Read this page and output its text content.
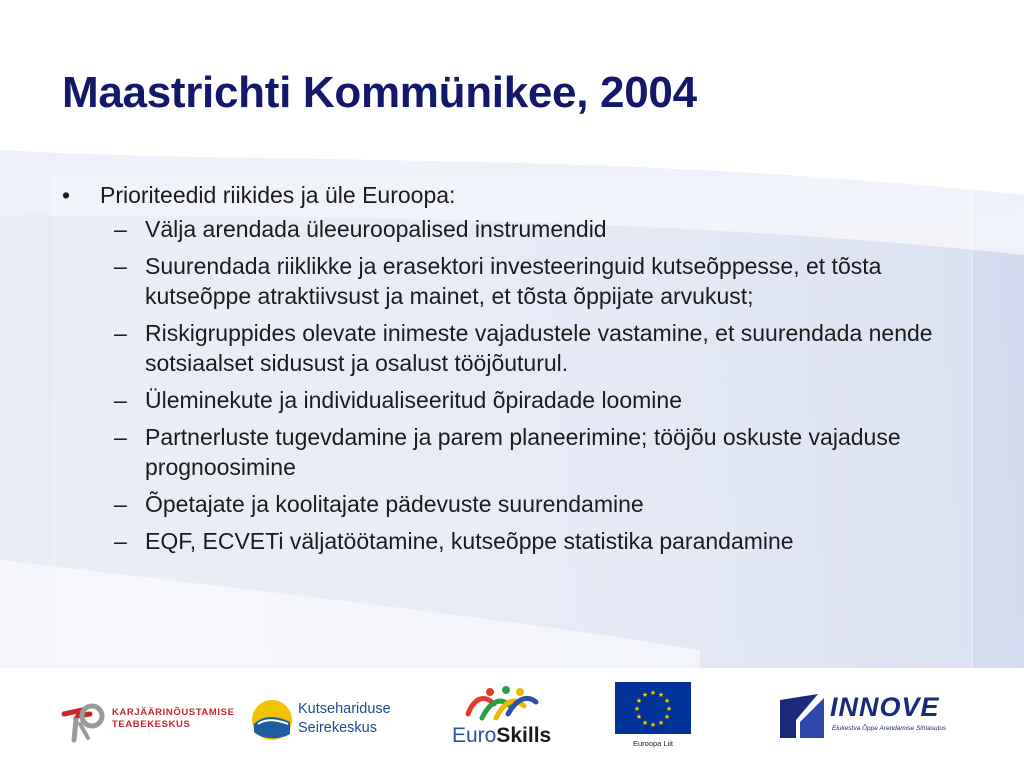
Maastrichti Kommünikee, 2004
• Prioriteedid riikides ja üle Euroopa:
– Välja arendada üleeuroopalised instrumendid
– Suurendada riiklikke ja erasektori investeeringuid kutseõppesse, et tõsta kutseõppe atraktiivsust ja mainet, et tõsta õppijate arvukust;
– Riskigruppides olevate inimeste vajadustele vastamine, et suurendada nende sotsiaalset sidusust ja osalust tööjõuturul.
– Üleminekute ja individualiseeritud õpiradade loomine
– Partnerluste tugevdamine ja parem planeerimine; tööjõu oskuste vajaduse prognoosimine
– Õpetajate ja koolitajate pädevuste suurendamine
– EQF, ECVETi väljatöötamine, kutseõppe statistika parandamine
KARJÄÄRINÕUSTAMISE
TEABEKESKUS
Kutsehariduse
Seirekeskus	EuroSkills
★ ★
★
★
★
★
★
★
★
★
★
★
Euroopa Liit
INNOVE
Elukestva Õppe Arendamise Sihtasutus
